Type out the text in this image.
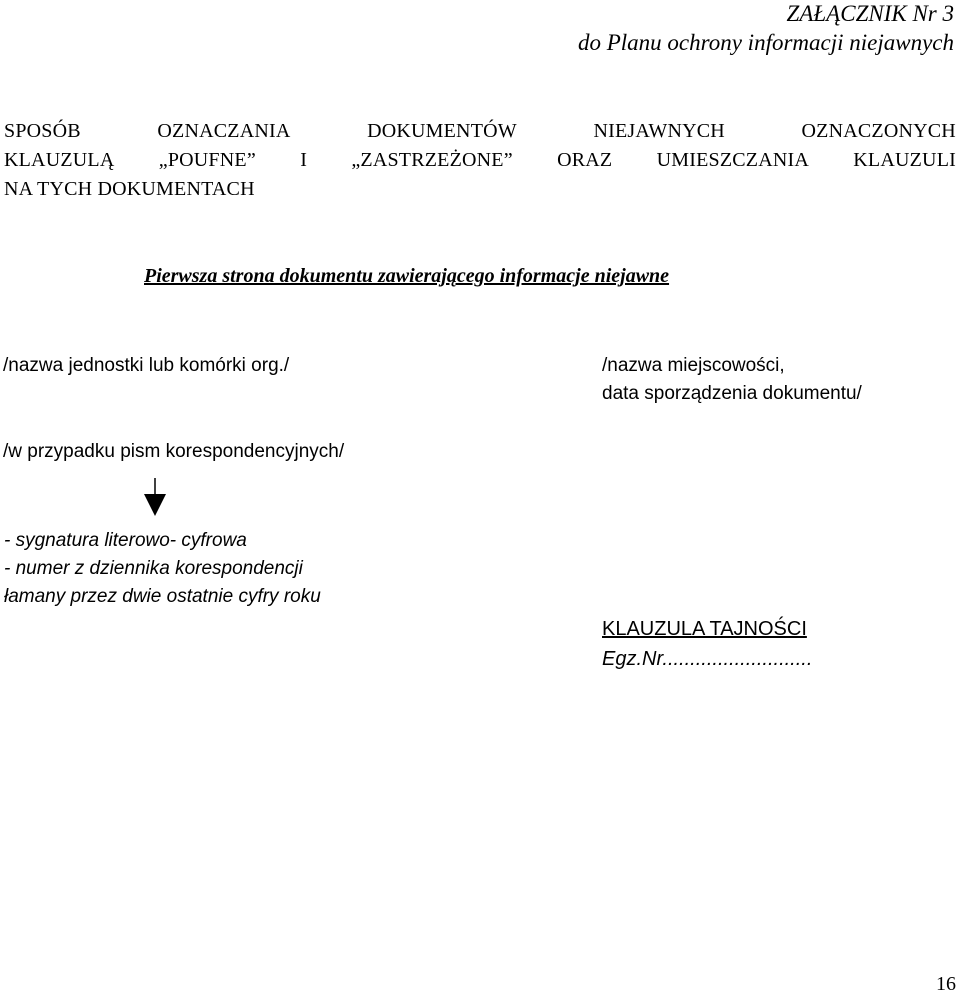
ZAŁĄCZNIK Nr 3
do Planu ochrony informacji niejawnych
SPOSÓB	OZNACZANIA	DOKUMENTÓW	NIEJAWNYCH	OZNACZONYCH
KLAUZULĄ „POUFNE” I „ZASTRZEŻONE” ORAZ UMIESZCZANIA KLAUZULI
NA TYCH DOKUMENTACH
Pierwsza strona dokumentu zawierającego informacje niejawne
/nazwa jednostki lub komórki org./	/nazwa miejscowości,
data sporządzenia dokumentu/
/w przypadku pism korespondencyjnych/
- sygnatura literowo- cyfrowa
- numer z dziennika korespondencji
łamany przez dwie ostatnie cyfry roku
KLAUZULA TAJNOŚCI
Egz.Nr...........................
16
